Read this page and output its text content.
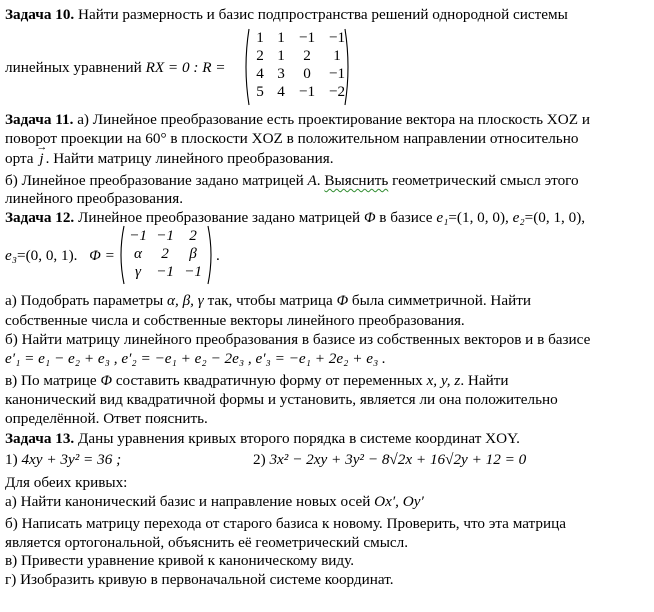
Задача 10. Найти размерность и базис подпространства решений однородной системы
линейных уравнений RX = 0 : R =
1 1 −1 −1
2 1	2	1
4 3	0	−1
5 4 −1 −2
Задача 11. а) Линейное преобразование есть проектирование вектора на плоскость XOZ и
поворот проекции на 60° в плоскости XOZ в положительном направлении относительно
орта → j . Найти матрицу линейного преобразования.
б) Линейное преобразование задано матрицей A. Выяснить геометрический смысл этого
линейного преобразования.
Задача 12. Линейное преобразование задано матрицей Φ в базисе e₁=(1, 0, 0), e₂=(0, 1, 0),
e₃=(0, 0, 1). Φ =
−1 −1	2
α	2	β
γ −1 −1
.
а) Подобрать параметры α, β, γ так, чтобы матрица Φ была симметричной. Найти
собственные числа и собственные векторы линейного преобразования.
б) Найти матрицу линейного преобразования в базисе из собственных векторов и в базисе
e′₁ = e₁ − e₂ + e₃ , e′₂ = −e₁ + e₂ − 2e₃ , e′₃ = −e₁ + 2e₂ + e₃ .
в) По матрице Φ составить квадратичную форму от переменных x, y, z. Найти
канонический вид квадратичной формы и установить, является ли она положительно
определённой. Ответ пояснить.
Задача 13. Даны уравнения кривых второго порядка в системе координат XOY.
1) 4xy + 3y² = 36 ;	2) 3x² − 2xy + 3y² − 8√2x + 16√2y + 12 = 0
Для обеих кривых:
а) Найти канонический базис и направление новых осей Ox′, Oy′
б) Написать матрицу перехода от старого базиса к новому. Проверить, что эта матрица
является ортогональной, объяснить её геометрический смысл.
в) Привести уравнение кривой к каноническому виду.
г) Изобразить кривую в первоначальной системе координат.
